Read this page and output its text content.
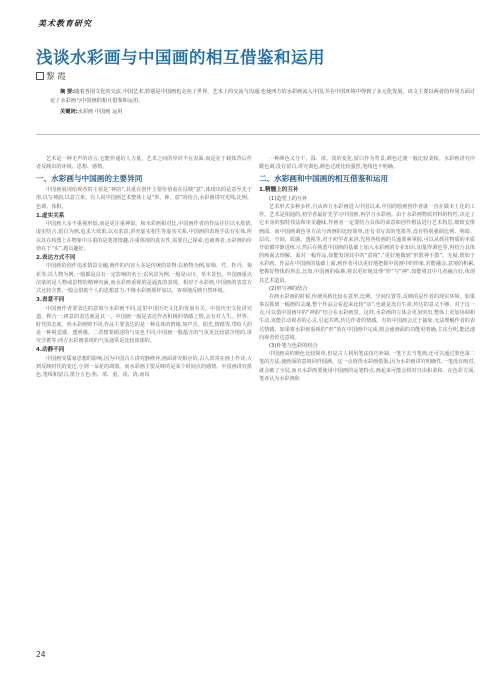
美术教育研究
浅谈水彩画与中国画的相互借鉴和运用
黎 霞

摘 要:随着各国文化的交流,中国艺术,特别是中国画也走向了世界。艺术上的交流与沟通,也使西方的水彩画流入中国,并在中国环境中得到了多元化发展。该文主要以两者的异同方面讨论了水彩画与中国画的相互借鉴和运用。

关键词:水彩画 中国画 运用

艺术是一种无声的语言,它能传递给人力量。艺术之间的异同不在表面,而是在于载体背后作者反映出的环境、思想、感情。

一、水彩画与中国画的主要异同

中国画展现给观者的主要是“神韵”,其重在创作主要价值重在反映“意”,体现出的是意至先于形,以写神韵,以意立象。有人说中国画艺术整体上是“形、神、意”的结合,水彩画讲究光线,比例、色调、体积。

1.虚实关系

中国画大多不重视形似,而是更注重神似。和水彩画相对比,中国画作者的作品往往以水墨情,虚实结合,留白为画,追求大效果,以点求意,讲究虚实相生等虚实关系,中国画的表现手法有实体,所以其在构图上在物象中注重的是笔墨情趣,注重体现的真实性,需要自己探索,也被观者,水彩画的价值在于“实”,越具趣好。

2.表达方式不同

中国画的创作追求情景交融,画作的内容大多是传统的景物:以植物为例,如梅、竹、牡丹、菊花等;以人物为例,一般都是具有一定影响的名士;以风景为例,一般是山川、草木景色。中国画重点渲染的是人物或景物的精神内涵,而水彩画重视的是逼真的表现。相对于水彩画,中国画的表意方式比较含蓄,一般会借助个人的思想意力,不像水彩画那样加以、客观地反映自然环境。

3.表意不同

中国画作者要表达的意境与水彩画不同,这里中国历史文化的发展有关。中国历史文化讲究道、释合一,禅意的表达就是其一。中国画一般是表达作者积极的情感之情,会有对人生、世界、时代的态度。西水彩画则不同,作品主要表达的是一种具体的情绪,如声音、阳光,情绪等,带给人的是一种视觉感、透明感。二者想要描述的气氛也不同,中国画一般蕴含的气氛更比较富含情的,讲究含蓄等;西方水彩画表现的气氛通常是比较浓郁的。

4.动静不同

中国画受儒家思想的影响,因为中国古人讲究静修养,画面讲究相应的,古人常常在画上作诗,大到反映时代的变迁,小到一朵花的凋落。而水彩画主要反映的是某个时间点的感情。中国画讲究墨色,笔线和留白,墨分五色:焦、浓、重、淡、清,而每

一种颜色又分干、湿、浓、淡的变化,留白作为背景,颜色过渡一般比较柔和。水彩画讲究冷暖色调,没有留白,讲究调色,颜色过渡比较强烈,笔线也不明确。

二、水彩画和中国画的相互借鉴和运用
1.精髓上的互补
(1)造型上的互补

艺术形式多种多样,自从西方水彩画进入中国以来,中国的绘画创作者就一直在做本土化的工作。艺术是相通的,初学者最好先学习中国画,再学习水彩画。由于水彩画物质材料的特性,决定了它本身的独特技法和审美趣味,作画者一定要结合具体的命意和创作想法进行艺术构思,细致安排画面。而中国画调色等方法与西画的比较简单,还有书写表的笔墨等,没有特别强调比例、明暗、层次、空间、质感、透视等,对于初学者来讲,先将各绘画的共通要素掌握,可以从抓住物质的本质开始循序渐进练习,然后在熟悉中国画的基础上加入水彩画的专业知识,加量得调色等,再结合具体的画面去理解。面对一幅作品,如能发现其中的“意境”,“更好地做到“形散神不散”。无疑,既如于水彩画。作品在中国画的基础上面,画作者可以更好地把握中国画中的形象,若能融会,意境的积累,把握好物体的形态,比如,中国画的临摹,将以更好地处理“形”与“神”,如能将其中几者融合好,体现其艺术造诣。

(2)形与神的结合

在画水彩画的时候,传统风格比较在意形,比例、空间位置等,反映的是作者的现实环境。如果事以抓到一幅画的灵魂,整个作品会看起来比较“活”,也就是没有生命,传达的意义不够。对于这一点,可以借中国画中的“神韵”结合在水彩画里。这样,水彩画的立体会更加突出,整体上更加协调和生动,更能打动观者的心灵,引起共鸣,传达作者的情感。有的中国画会过于抽象,无法理解作者的表达情感。如果将水彩画重视的“形”放在中国画中完成,则会使画面的功能更明确,主次分明,能迅速向观者传达意境。

(3)朴笔与色彩的结合

中国画高的颜色比较简单,但是古人利用笔法技巧补缺,一笔下去当笔画,还可以通过墨色第二笔的方法,使画面的意境同样圆满。这一点值得水彩画借鉴,因为水彩画讲究明确性,一笔没有画对,就会破了全局,而且水彩画要使用中国画的运笔特点,画起来可能会相对自由和柔和。在色彩方面,笔者认为水彩画和

24
